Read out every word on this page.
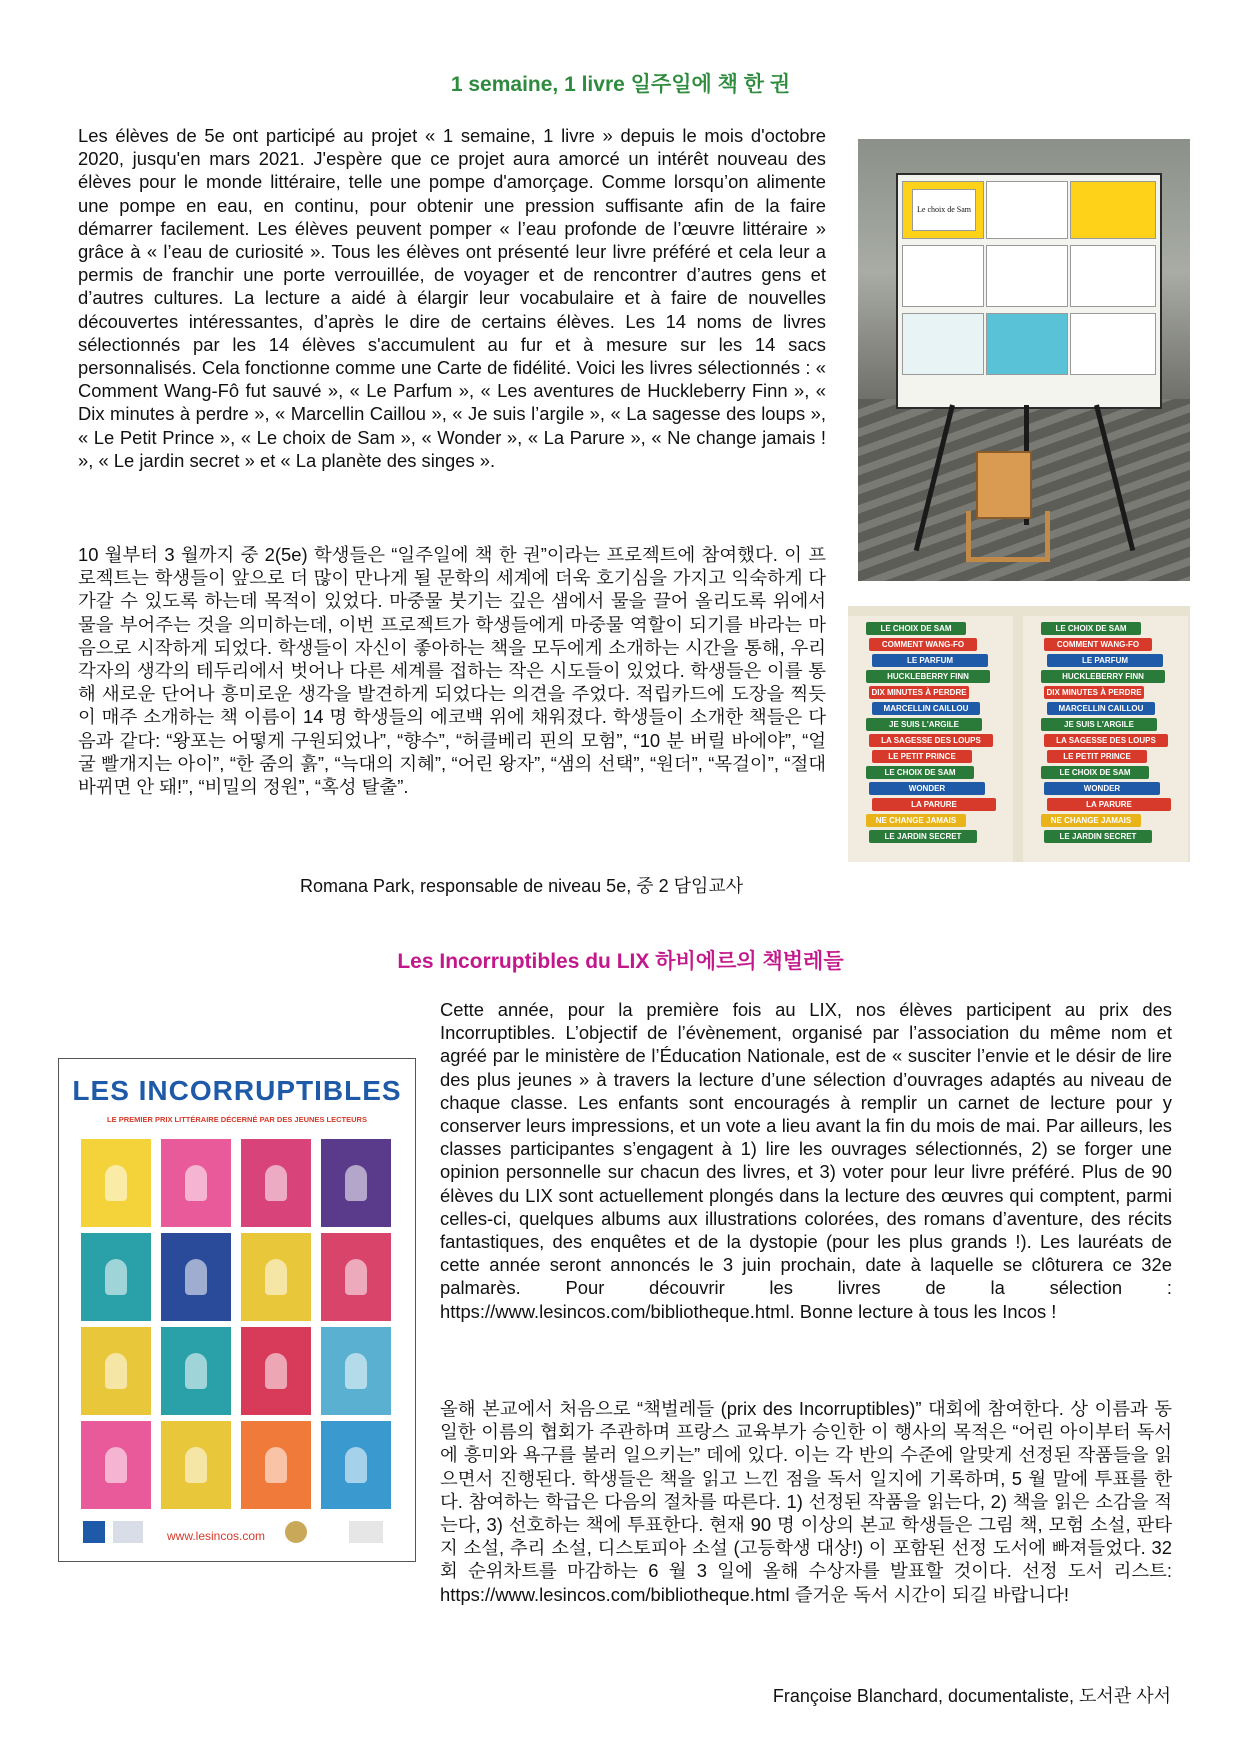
1 semaine, 1 livre 일주일에 책 한 권

Les élèves de 5e ont participé au projet « 1 semaine, 1 livre » depuis le mois d'octobre 2020, jusqu'en mars 2021. J'espère que ce projet aura amorcé un intérêt nouveau des élèves pour le monde littéraire, telle une pompe d'amorçage. Comme lorsqu’on alimente une pompe en eau, en continu, pour obtenir une pression suffisante afin de la faire démarrer facilement. Les élèves peuvent pomper « l’eau profonde de l’œuvre littéraire » grâce à « l’eau de curiosité ». Tous les élèves ont présenté leur livre préféré et cela leur a permis de franchir une porte verrouillée, de voyager et de rencontrer d’autres gens et d’autres cultures. La lecture a aidé à élargir leur vocabulaire et à faire de nouvelles découvertes intéressantes, d’après le dire de certains élèves. Les 14 noms de livres sélectionnés par les 14 élèves s'accumulent au fur et à mesure sur les 14 sacs personnalisés. Cela fonctionne comme une Carte de fidélité. Voici les livres sélectionnés : « Comment Wang-Fô fut sauvé », « Le Parfum », « Les aventures de Huckleberry Finn », « Dix minutes à perdre », « Marcellin Caillou », « Je suis l’argile », « La sagesse des loups », « Le Petit Prince », « Le choix de Sam », « Wonder », « La Parure », « Ne change jamais ! », « Le jardin secret » et « La planète des singes ».

10 월부터 3 월까지 중 2(5e) 학생들은 “일주일에 책 한 권”이라는 프로젝트에 참여했다. 이 프로젝트는 학생들이 앞으로 더 많이 만나게 될 문학의 세계에 더욱 호기심을 가지고 익숙하게 다가갈 수 있도록 하는데 목적이 있었다. 마중물 붓기는 깊은 샘에서 물을 끌어 올리도록 위에서 물을 부어주는 것을 의미하는데, 이번 프로젝트가 학생들에게 마중물 역할이 되기를 바라는 마음으로 시작하게 되었다. 학생들이 자신이 좋아하는 책을 모두에게 소개하는 시간을 통해, 우리 각자의 생각의 테두리에서 벗어나 다른 세계를 접하는 작은 시도들이 있었다. 학생들은 이를 통해 새로운 단어나 흥미로운 생각을 발견하게 되었다는 의견을 주었다. 적립카드에 도장을 찍듯이 매주 소개하는 책 이름이 14 명 학생들의 에코백 위에 채워졌다. 학생들이 소개한 책들은 다음과 같다: “왕포는 어떻게 구원되었나”, “향수”, “허클베리 핀의 모험”, “10 분 버릴 바에야”, “얼굴 빨개지는 아이”, “한 줌의 흙”, “늑대의 지혜”, “어린 왕자”, “샘의 선택”, “원더”, “목걸이”, “절대 바뀌면 안 돼!”, “비밀의 정원”, “혹성 탈출”.

Romana Park, responsable de niveau 5e, 중 2 담임교사
Le choix de Sam
LE CHOIX DE SAM
COMMENT WANG-FO
LE PARFUM
HUCKLEBERRY FINN
DIX MINUTES À PERDRE
MARCELLIN CAILLOU
JE SUIS L'ARGILE
LA SAGESSE DES LOUPS
LE PETIT PRINCE
LE CHOIX DE SAM
WONDER
LA PARURE
NE CHANGE JAMAIS
LE JARDIN SECRET
LE CHOIX DE SAM
COMMENT WANG-FO
LE PARFUM
HUCKLEBERRY FINN
DIX MINUTES À PERDRE
MARCELLIN CAILLOU
JE SUIS L'ARGILE
LA SAGESSE DES LOUPS
LE PETIT PRINCE
LE CHOIX DE SAM
WONDER
LA PARURE
NE CHANGE JAMAIS
LE JARDIN SECRET
Les Incorruptibles du LIX 하비에르의 책벌레들
LES INCORRUPTIBLES
LE PREMIER PRIX LITTÉRAIRE DÉCERNÉ PAR DES JEUNES LECTEURS
www.lesincos.com

Cette année, pour la première fois au LIX, nos élèves participent au prix des Incorruptibles. L’objectif de l’évènement, organisé par l’association du même nom et agréé par le ministère de l’Éducation Nationale, est de « susciter l’envie et le désir de lire des plus jeunes » à travers la lecture d’une sélection d’ouvrages adaptés au niveau de chaque classe. Les enfants sont encouragés à remplir un carnet de lecture pour y conserver leurs impressions, et un vote a lieu avant la fin du mois de mai. Par ailleurs, les classes participantes s’engagent à 1) lire les ouvrages sélectionnés, 2) se forger une opinion personnelle sur chacun des livres, et 3) voter pour leur livre préféré. Plus de 90 élèves du LIX sont actuellement plongés dans la lecture des œuvres qui comptent, parmi celles-ci, quelques albums aux illustrations colorées, des romans d’aventure, des récits fantastiques, des enquêtes et de la dystopie (pour les plus grands !). Les lauréats de cette année seront annoncés le 3 juin prochain, date à laquelle se clôturera ce 32e palmarès. Pour découvrir les livres de la sélection : https://www.lesincos.com/bibliotheque.html. Bonne lecture à tous les Incos !

올해 본교에서 처음으로 “책벌레들 (prix des Incorruptibles)” 대회에 참여한다. 상 이름과 동일한 이름의 협회가 주관하며 프랑스 교육부가 승인한 이 행사의 목적은 “어린 아이부터 독서에 흥미와 욕구를 불러 일으키는” 데에 있다. 이는 각 반의 수준에 알맞게 선정된 작품들을 읽으면서 진행된다. 학생들은 책을 읽고 느낀 점을 독서 일지에 기록하며, 5 월 말에 투표를 한다. 참여하는 학급은 다음의 절차를 따른다. 1) 선정된 작품을 읽는다, 2) 책을 읽은 소감을 적는다, 3) 선호하는 책에 투표한다. 현재 90 명 이상의 본교 학생들은 그림 책, 모험 소설, 판타지 소설, 추리 소설, 디스토피아 소설 (고등학생 대상!) 이 포함된 선정 도서에 빠져들었다. 32 회 순위차트를 마감하는 6 월 3 일에 올해 수상자를 발표할 것이다. 선정 도서 리스트: https://www.lesincos.com/bibliotheque.html 즐거운 독서 시간이 되길 바랍니다!

Françoise Blanchard, documentaliste, 도서관 사서
